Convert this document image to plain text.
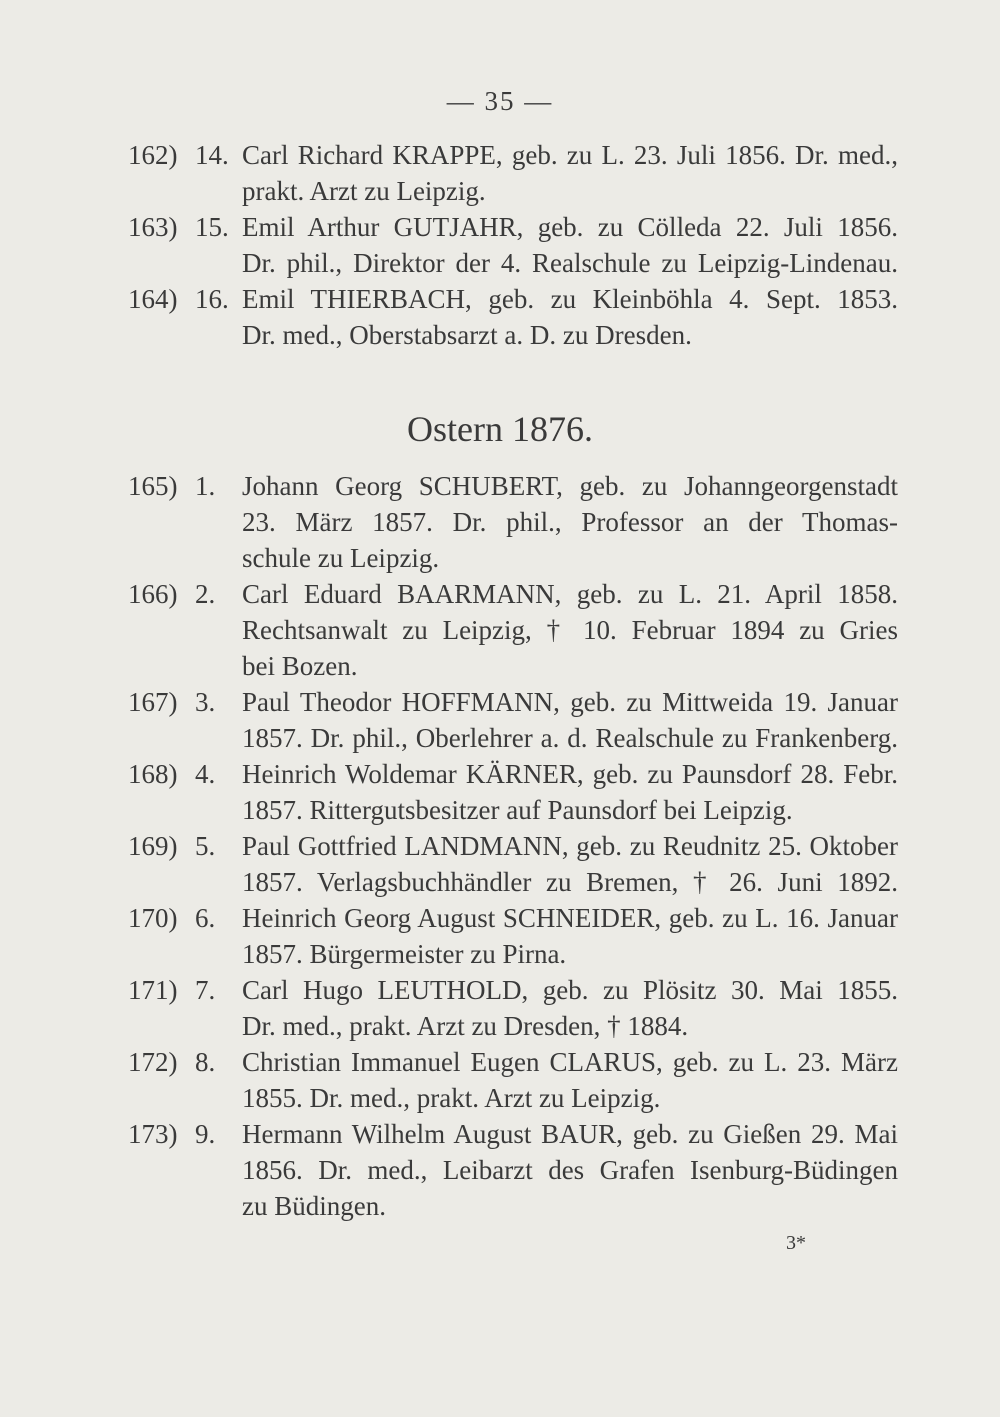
— 35 —
162) 14. Carl Richard KRAPPE, geb. zu L. 23. Juli 1856. Dr. med.,
prakt. Arzt zu Leipzig.
163) 15. Emil Arthur GUTJAHR, geb. zu Cölleda 22. Juli 1856.
Dr. phil., Direktor der 4. Realschule zu Leipzig-Lindenau.
164) 16. Emil THIERBACH, geb. zu Kleinböhla 4. Sept. 1853.
Dr. med., Oberstabsarzt a. D. zu Dresden.
Ostern 1876.
165) 1. Johann Georg SCHUBERT, geb. zu Johanngeorgenstadt
23. März 1857. Dr. phil., Professor an der Thomas-
schule zu Leipzig.
166) 2. Carl Eduard BAARMANN, geb. zu L. 21. April 1858.
Rechtsanwalt zu Leipzig, † 10. Februar 1894 zu Gries
bei Bozen.
167) 3. Paul Theodor HOFFMANN, geb. zu Mittweida 19. Januar
1857. Dr. phil., Oberlehrer a. d. Realschule zu Frankenberg.
168) 4. Heinrich Woldemar KÄRNER, geb. zu Paunsdorf 28. Febr.
1857. Rittergutsbesitzer auf Paunsdorf bei Leipzig.
169) 5. Paul Gottfried LANDMANN, geb. zu Reudnitz 25. Oktober
1857. Verlagsbuchhändler zu Bremen, † 26. Juni 1892.
170) 6. Heinrich Georg August SCHNEIDER, geb. zu L. 16. Januar
1857. Bürgermeister zu Pirna.
171) 7. Carl Hugo LEUTHOLD, geb. zu Plösitz 30. Mai 1855.
Dr. med., prakt. Arzt zu Dresden, † 1884.
172) 8. Christian Immanuel Eugen CLARUS, geb. zu L. 23. März
1855. Dr. med., prakt. Arzt zu Leipzig.
173) 9. Hermann Wilhelm August BAUR, geb. zu Gießen 29. Mai
1856. Dr. med., Leibarzt des Grafen Isenburg-Büdingen
zu Büdingen.
3*
